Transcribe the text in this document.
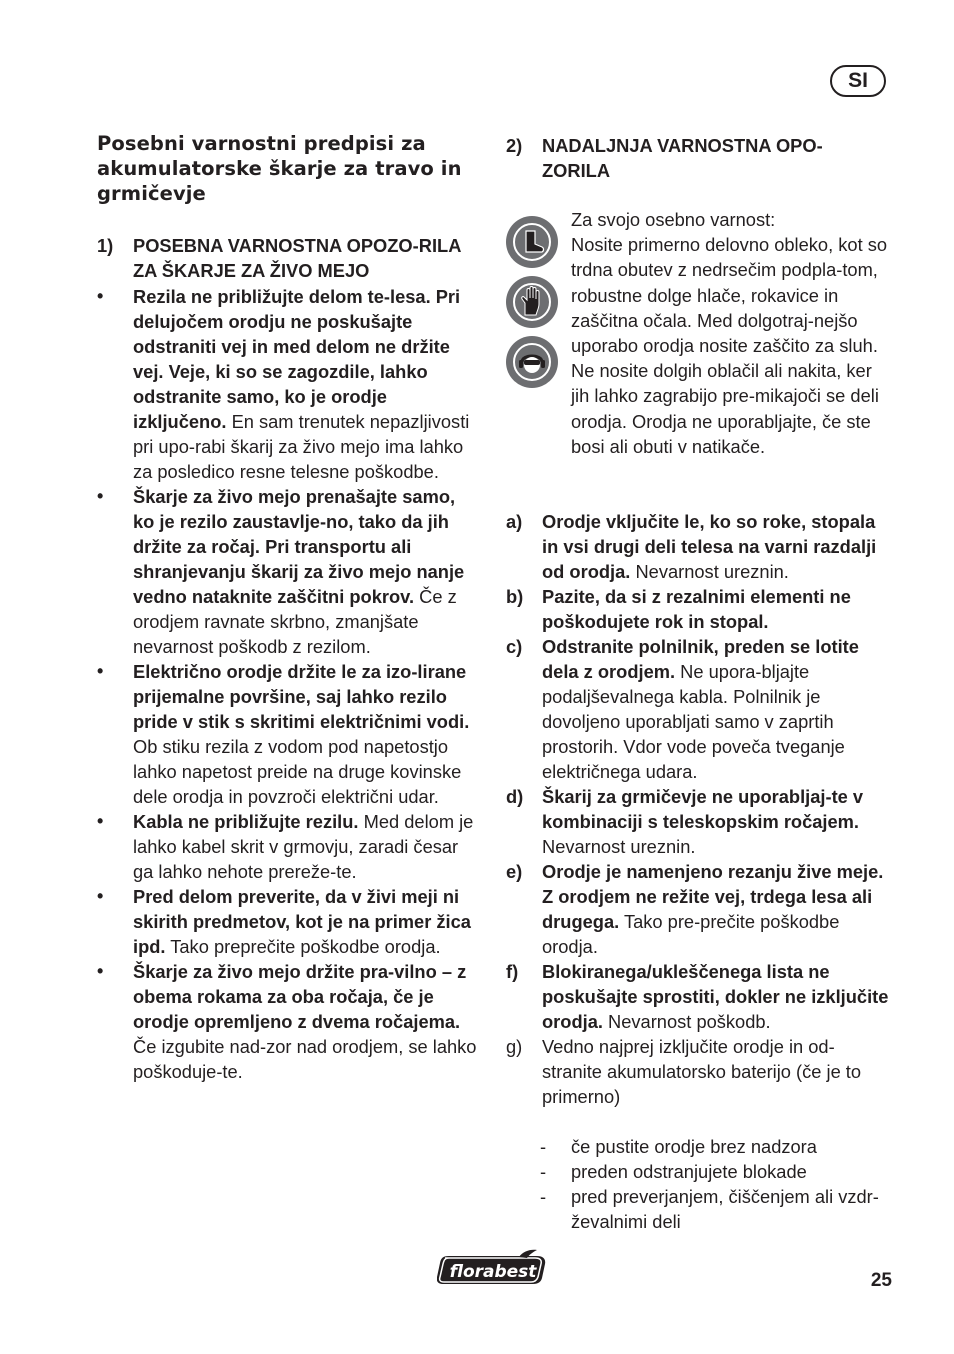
SI
Posebni varnostni predpisi za akumulatorske škarje za travo in grmičevje
1)	POSEBNA VARNOSTNA OPOZO-RILA ZA ŠKARJE ZA ŽIVO MEJO
•	Rezila ne približujte delom te-lesa. Pri delujočem orodju ne poskušajte odstraniti vej in med delom ne držite vej. Veje, ki so se zagozdile, lahko odstranite samo, ko je orodje izključeno. En sam trenutek nepazljivosti pri upo-rabi škarij za živo mejo ima lahko za posledico resne telesne poškodbe.
•	Škarje za živo mejo prenašajte samo, ko je rezilo zaustavlje-no, tako da jih držite za ročaj. Pri transportu ali shranjevanju škarij za živo mejo nanje vedno nataknite zaščitni pokrov. Če z orodjem ravnate skrbno, zmanjšate nevarnost poškodb z rezilom.
•	Električno orodje držite le za izo-lirane prijemalne površine, saj lahko rezilo pride v stik s skritimi električnimi vodi. Ob stiku rezila z vodom pod napetostjo lahko napetost preide na druge kovinske dele orodja in povzroči električni udar.
•	Kabla ne približujte rezilu. Med delom je lahko kabel skrit v grmovju, zaradi česar ga lahko nehote prereže-te.
•	Pred delom preverite, da v živi meji ni skirith predmetov, kot je na primer žica ipd. Tako preprečite poškodbe orodja.
•	Škarje za živo mejo držite pra-vilno – z obema rokama za oba ročaja, če je orodje opremljeno z dvema ročajema. Če izgubite nad-zor nad orodjem, se lahko poškoduje-te.
2)	NADALJNJA VARNOSTNA OPO-ZORILA
Za svojo osebno varnost:
Nosite primerno delovno obleko, kot so trdna obutev z nedrsečim podpla-tom, robustne dolge hlače, rokavice in zaščitna očala. Med dolgotraj-nejšo uporabo orodja nosite zaščito za sluh. Ne nosite dolgih oblačil ali nakita, ker jih lahko zagrabijo pre-mikajoči se deli orodja. Orodja ne uporabljajte, če ste bosi ali obuti v natikače.
a)	Orodje vključite le, ko so roke, stopala in vsi drugi deli telesa na varni razdalji od orodja. Nevarnost ureznin.
b)	Pazite, da si z rezalnimi elementi ne poškodujete rok in stopal.
c)	Odstranite polnilnik, preden se lotite dela z orodjem. Ne upora-bljajte podaljševalnega kabla. Polnilnik je dovoljeno uporabljati samo v zaprtih prostorih. Vdor vode poveča tveganje električnega udara.
d)	Škarij za grmičevje ne uporabljaj-te v kombinaciji s teleskopskim ročajem. Nevarnost ureznin.
e)	Orodje je namenjeno rezanju žive meje. Z orodjem ne režite vej, trdega lesa ali drugega. Tako pre-prečite poškodbe orodja.
f)	Blokiranega/ukleščenega lista ne poskušajte sprostiti, dokler ne izključite orodja. Nevarnost poškodb.
g)	Vedno najprej izključite orodje in od-stranite akumulatorsko baterijo (če je to primerno)
-	če pustite orodje brez nadzora
-	preden odstranjujete blokade
-	pred preverjanjem, čiščenjem ali vzdr-ževalnimi deli
florabest	25
